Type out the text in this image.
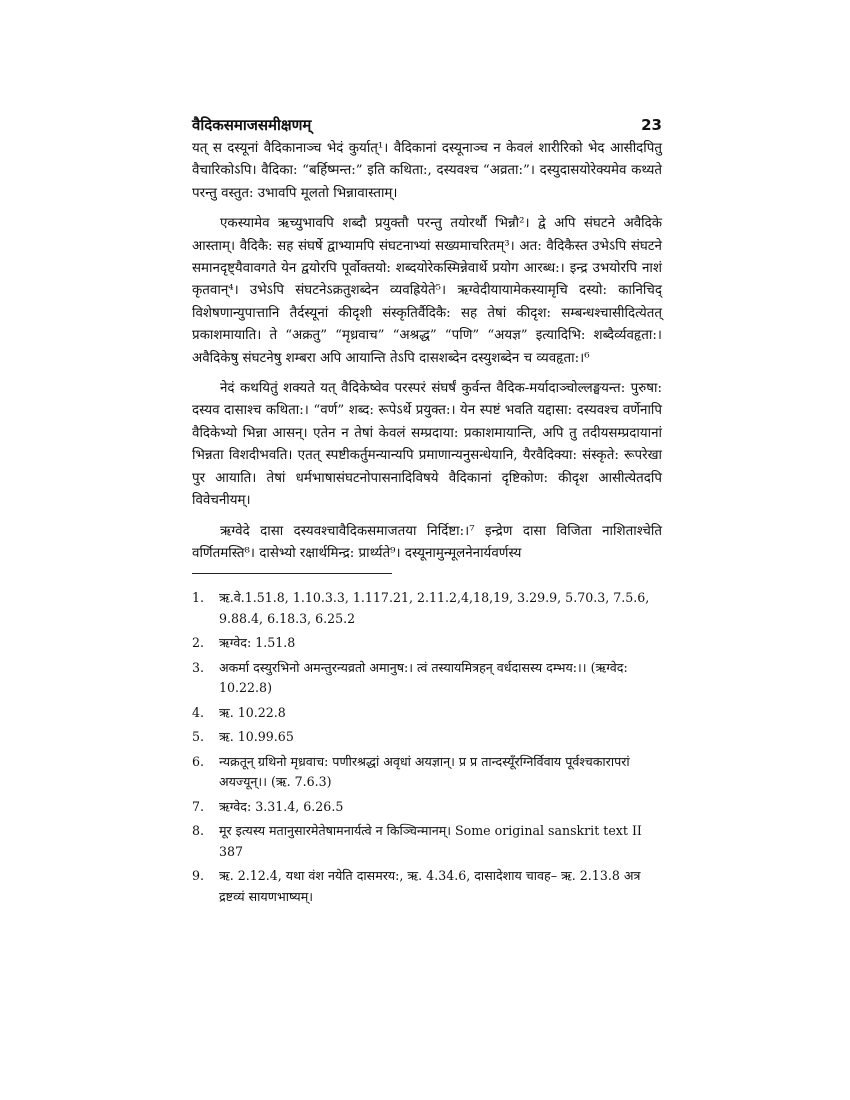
वैदिकसमाजसमीक्षणम्	23

यत् स दस्यूनां वैदिकानाञ्च भेदं कुर्यात्¹। वैदिकानां दस्यूनाञ्च न केवलं शारीरिको भेद आसीदपितु वैचारिकोऽपि। वैदिका: “बर्हिष्मन्त:” इति कथिता:, दस्यवश्च “अव्रता:”। दस्युदासयोरेक्यमेव कथ्यते परन्तु वस्तुत: उभावपि मूलतो भिन्नावास्ताम्।

एकस्यामेव ऋच्युभावपि शब्दौ प्रयुक्तौ परन्तु तयोरर्थौ भिन्नौ²। द्वे अपि संघटने अवैदिके आस्ताम्। वैदिकै: सह संघर्षे द्वाभ्यामपि संघटनाभ्यां सख्यमाचरितम्³। अत: वैदिकैस्त उभेऽपि संघटने समानदृष्ट्यैवावगते येन द्वयोरपि पूर्वोक्तयो: शब्दयोरेकस्मिन्नेवार्थे प्रयोग आरब्ध:। इन्द्र उभयोरपि नाशं कृतवान्⁴। उभेऽपि संघटनेऽक्रतुशब्देन व्यवह्रियेते⁵। ऋग्वेदीयायामेकस्यामृचि दस्यो: कानिचिद् विशेषणान्युपात्तानि तैर्दस्यूनां कीदृशी संस्कृतिर्वैदिकै: सह तेषां कीदृश: सम्बन्धश्चासीदित्येतत् प्रकाशमायाति। ते “अक्रतु” “मृध्रवाच” “अश्रद्ध” “पणि” “अयज्ञ” इत्यादिभि: शब्दैर्व्यवहृता:। अवैदिकेषु संघटनेषु शम्बरा अपि आयान्ति तेऽपि दासशब्देन दस्युशब्देन च व्यवहृता:।⁶

नेदं कथयितुं शक्यते यत् वैदिकेष्वेव परस्परं संघर्षं कुर्वन्त वैदिक-मर्यादाञ्चोल्लङ्घयन्त: पुरुषा: दस्यव दासाश्च कथिता:। “वर्ण” शब्द: रूपेऽर्थे प्रयुक्त:। येन स्पष्टं भवति यद्दासा: दस्यवश्च वर्णेनापि वैदिकेभ्यो भिन्ना आसन्। एतेन न तेषां केवलं सम्प्रदाया: प्रकाशमायान्ति, अपि तु तदीयसम्प्रदायानां भिन्नता विशदीभवति। एतत् स्पष्टीकर्तुमन्यान्यपि प्रमाणान्यनुसन्धेयानि, यैरवैदिक्या: संस्कृते: रूपरेखा पुर आयाति। तेषां धर्मभाषासंघटनोपासनादिविषये वैदिकानां दृष्टिकोण: कीदृश आसीत्येतदपि विवेचनीयम्।

ऋग्वेदे दासा दस्यवश्चावैदिकसमाजतया निर्दिष्टा:।⁷ इन्द्रेण दासा विजिता नाशिताश्चेति वर्णितमस्ति⁸। दासेभ्यो रक्षार्थमिन्द्र: प्रार्थ्यते⁹। दस्यूनामुन्मूलनेनार्यवर्णस्य

1.	ऋ.वे.1.51.8, 1.10.3.3, 1.117.21, 2.11.2,4,18,19, 3.29.9, 5.70.3, 7.5.6, 9.88.4, 6.18.3, 6.25.2
2.	ऋग्वेद: 1.51.8
3.	अकर्मा दस्युरभिनो अमन्तुरन्यव्रतो अमानुष:। त्वं तस्यायमित्रहन् वर्धदासस्य दम्भय:।। (ऋग्वेद: 10.22.8)
4.	ऋ. 10.22.8
5.	ऋ. 10.99.65
6.	न्यक्रतून् ग्रथिनो मृध्रवाच: पणीरश्रद्धां अवृधां अयज्ञान्। प्र प्र तान्दस्यूँरग्निर्विवाय पूर्वश्चकारापरां अयज्यून्।। (ऋ. 7.6.3)
7.	ऋग्वेद: 3.31.4, 6.26.5
8.	मूर इत्यस्य मतानुसारमेतेषामनार्यत्वे न किञ्चिन्मानम्। Some original sanskrit text II 387
9.	ऋ. 2.12.4, यथा वंश नयेति दासमरय:, ऋ. 4.34.6, दासादेशाय चावह– ऋ. 2.13.8 अत्र द्रष्टव्यं सायणभाष्यम्।
